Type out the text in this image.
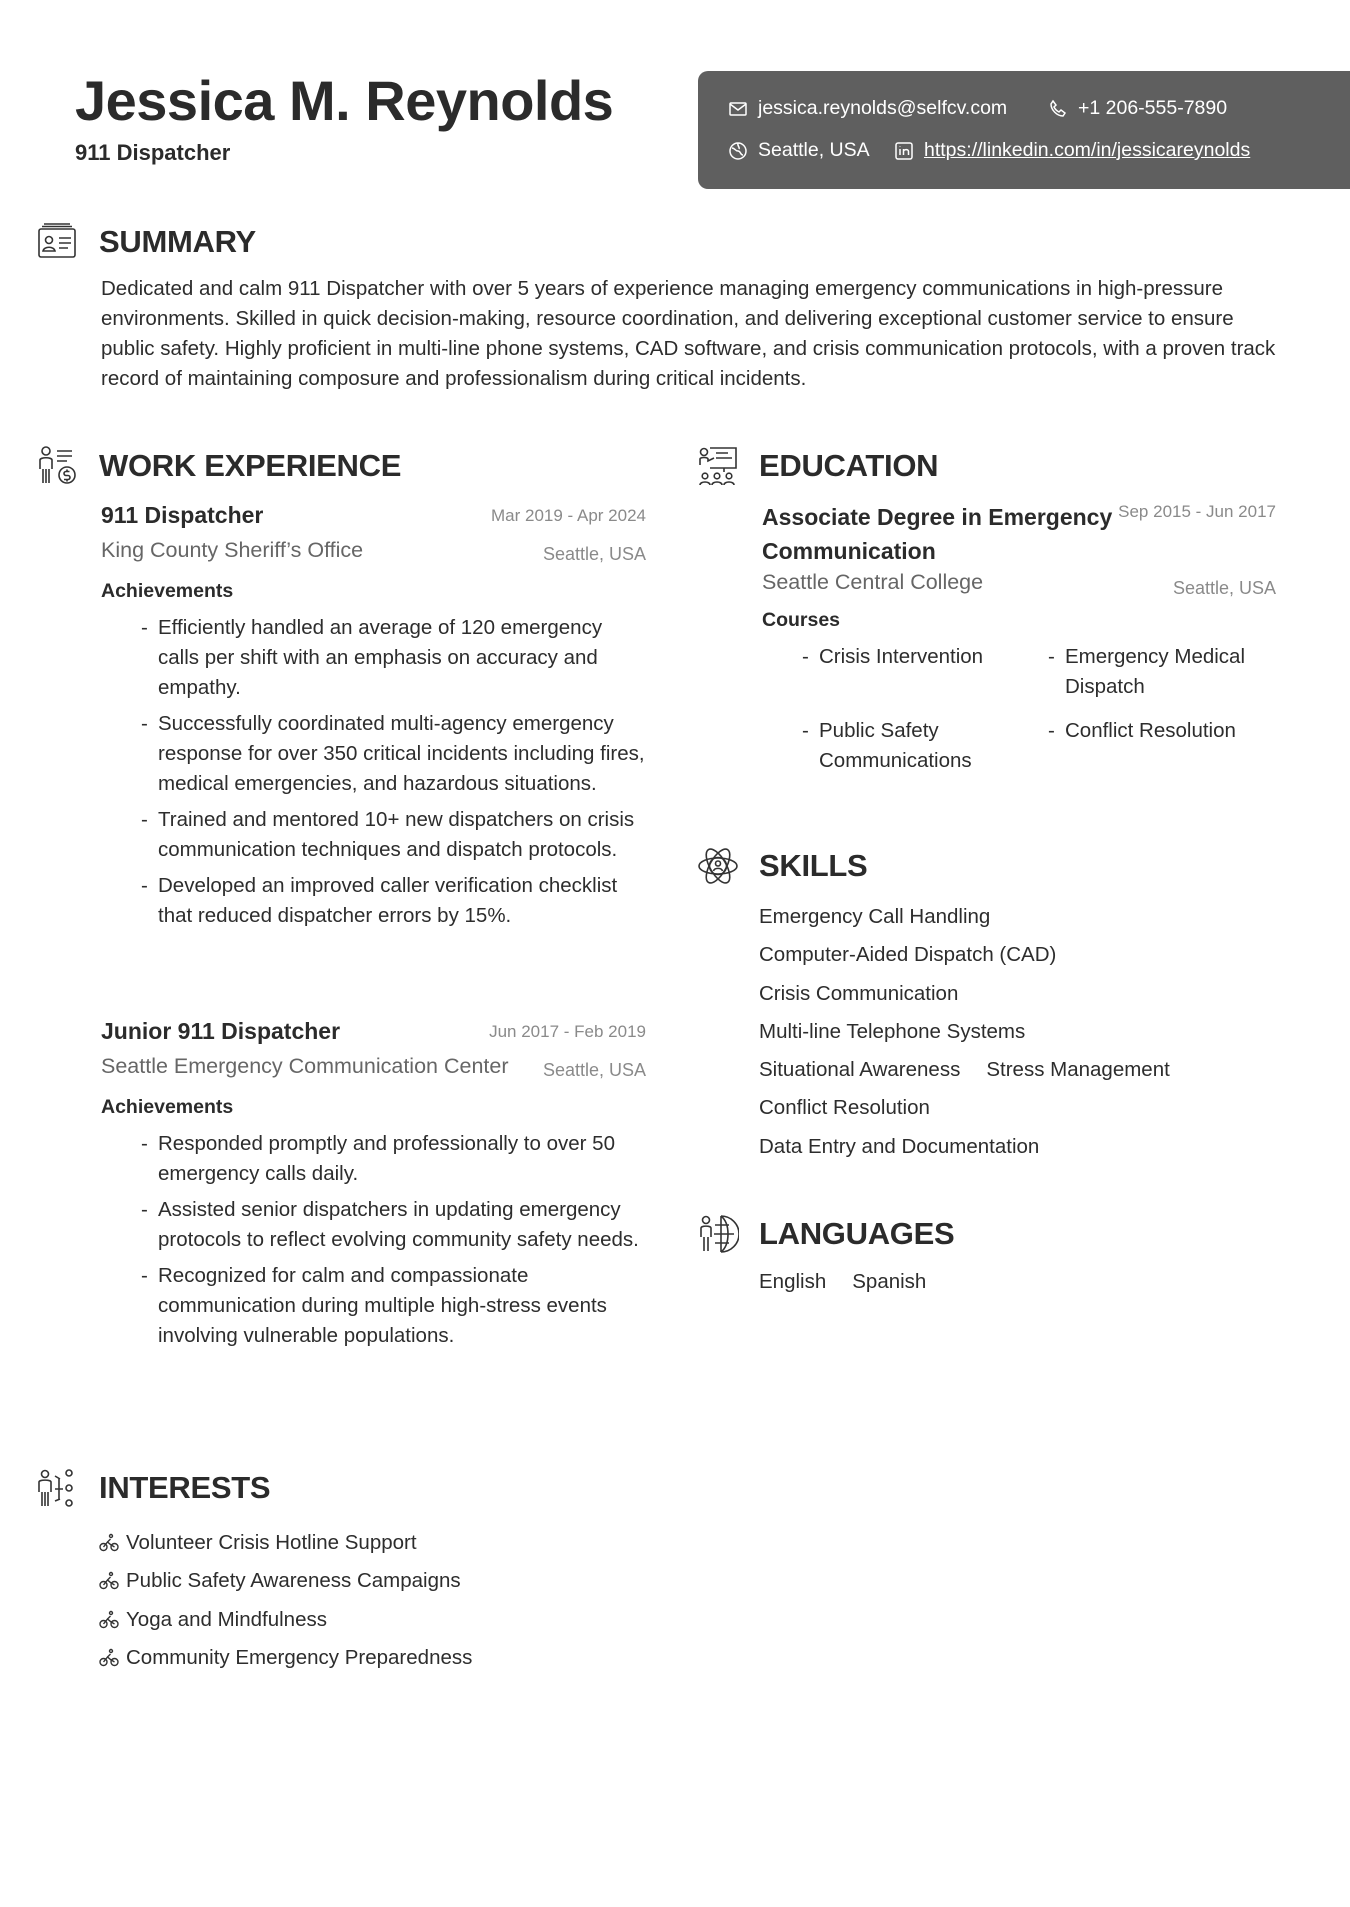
Jessica M. Reynolds
911 Dispatcher
jessica.reynolds@selfcv.com	+1 206-555-7890
Seattle, USA	https://linkedin.com/in/jessicareynolds
SUMMARY
Dedicated and calm 911 Dispatcher with over 5 years of experience managing emergency communications in high-pressure environments. Skilled in quick decision-making, resource coordination, and delivering exceptional customer service to ensure public safety. Highly proficient in multi-line phone systems, CAD software, and crisis communication protocols, with a proven track record of maintaining composure and professionalism during critical incidents.
WORK EXPERIENCE
911 Dispatcher	Mar 2019 - Apr 2024
King County Sheriff’s Office	Seattle, USA
Achievements
- Efficiently handled an average of 120 emergency calls per shift with an emphasis on accuracy and empathy.
- Successfully coordinated multi-agency emergency response for over 350 critical incidents including fires, medical emergencies, and hazardous situations.
- Trained and mentored 10+ new dispatchers on crisis communication techniques and dispatch protocols.
- Developed an improved caller verification checklist that reduced dispatcher errors by 15%.
Junior 911 Dispatcher	Jun 2017 - Feb 2019
Seattle Emergency Communication Center Seattle, USA
Achievements
- Responded promptly and professionally to over 50 emergency calls daily.
- Assisted senior dispatchers in updating emergency protocols to reflect evolving community safety needs.
- Recognized for calm and compassionate communication during multiple high-stress events involving vulnerable populations.
EDUCATION
Associate Degree in Emergency Communication
Sep 2015 - Jun 2017
Seattle Central College	Seattle, USA
Courses
- Crisis Intervention
-	Emergency Medical Dispatch
- Public Safety Communications
- Conflict Resolution
SKILLS
Emergency Call Handling
Computer-Aided Dispatch (CAD)
Crisis Communication
Multi-line Telephone Systems
Situational Awareness Stress Management
Conflict Resolution
Data Entry and Documentation
LANGUAGES
English Spanish
INTERESTS
Volunteer Crisis Hotline Support
Public Safety Awareness Campaigns
Yoga and Mindfulness
Community Emergency Preparedness
